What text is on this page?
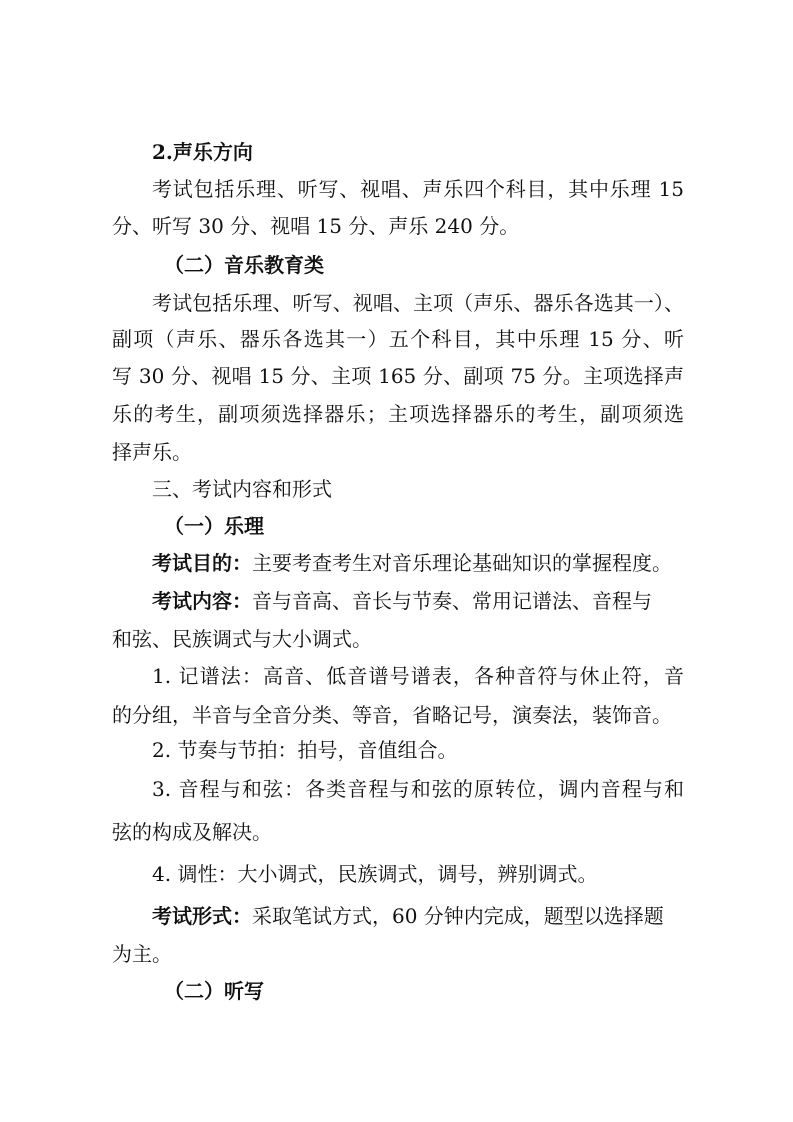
2.声乐方向
考试包括乐理、听写、视唱、声乐四个科目，其中乐理 15
分、听写 30 分、视唱 15 分、声乐 240 分。
（二）音乐教育类
考试包括乐理、听写、视唱、主项（声乐、器乐各选其一）、
副项（声乐、器乐各选其一）五个科目，其中乐理 15 分、听
写 30 分、视唱 15 分、主项 165 分、副项 75 分。主项选择声
乐的考生，副项须选择器乐；主项选择器乐的考生，副项须选
择声乐。
三、考试内容和形式
（一）乐理
考试目的：主要考查考生对音乐理论基础知识的掌握程度。
考试内容：音与音高、音长与节奏、常用记谱法、音程与
和弦、民族调式与大小调式。
1. 记谱法：高音、低音谱号谱表，各种音符与休止符，音
的分组，半音与全音分类、等音，省略记号，演奏法，装饰音。
2. 节奏与节拍：拍号，音值组合。
3. 音程与和弦：各类音程与和弦的原转位，调内音程与和
弦的构成及解决。
4. 调性：大小调式，民族调式，调号，辨别调式。
考试形式：采取笔试方式，60 分钟内完成，题型以选择题
为主。
（二）听写
